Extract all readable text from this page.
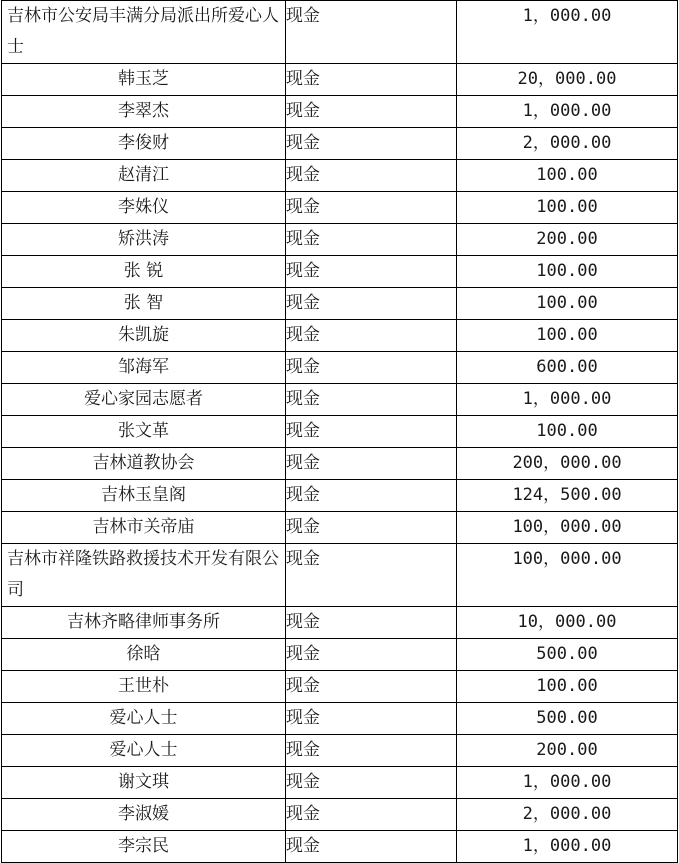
吉林市公安局丰满分局派出所爱心人士	现金	1，000.00
韩玉芝	现金	20，000.00
李翠杰	现金	1，000.00
李俊财	现金	2，000.00
赵清江	现金	100.00
李姝仪	现金	100.00
矫洪涛	现金	200.00
张 锐	现金	100.00
张 智	现金	100.00
朱凯旋	现金	100.00
邹海军	现金	600.00
爱心家园志愿者	现金	1，000.00
张文革	现金	100.00
吉林道教协会	现金	200，000.00
吉林玉皇阁	现金	124，500.00
吉林市关帝庙	现金	100，000.00
吉林市祥隆铁路救援技术开发有限公司	现金	100，000.00
吉林齐略律师事务所	现金	10，000.00
徐晗	现金	500.00
王世朴	现金	100.00
爱心人士	现金	500.00
爱心人士	现金	200.00
谢文琪	现金	1，000.00
李淑媛	现金	2，000.00
李宗民	现金	1，000.00
